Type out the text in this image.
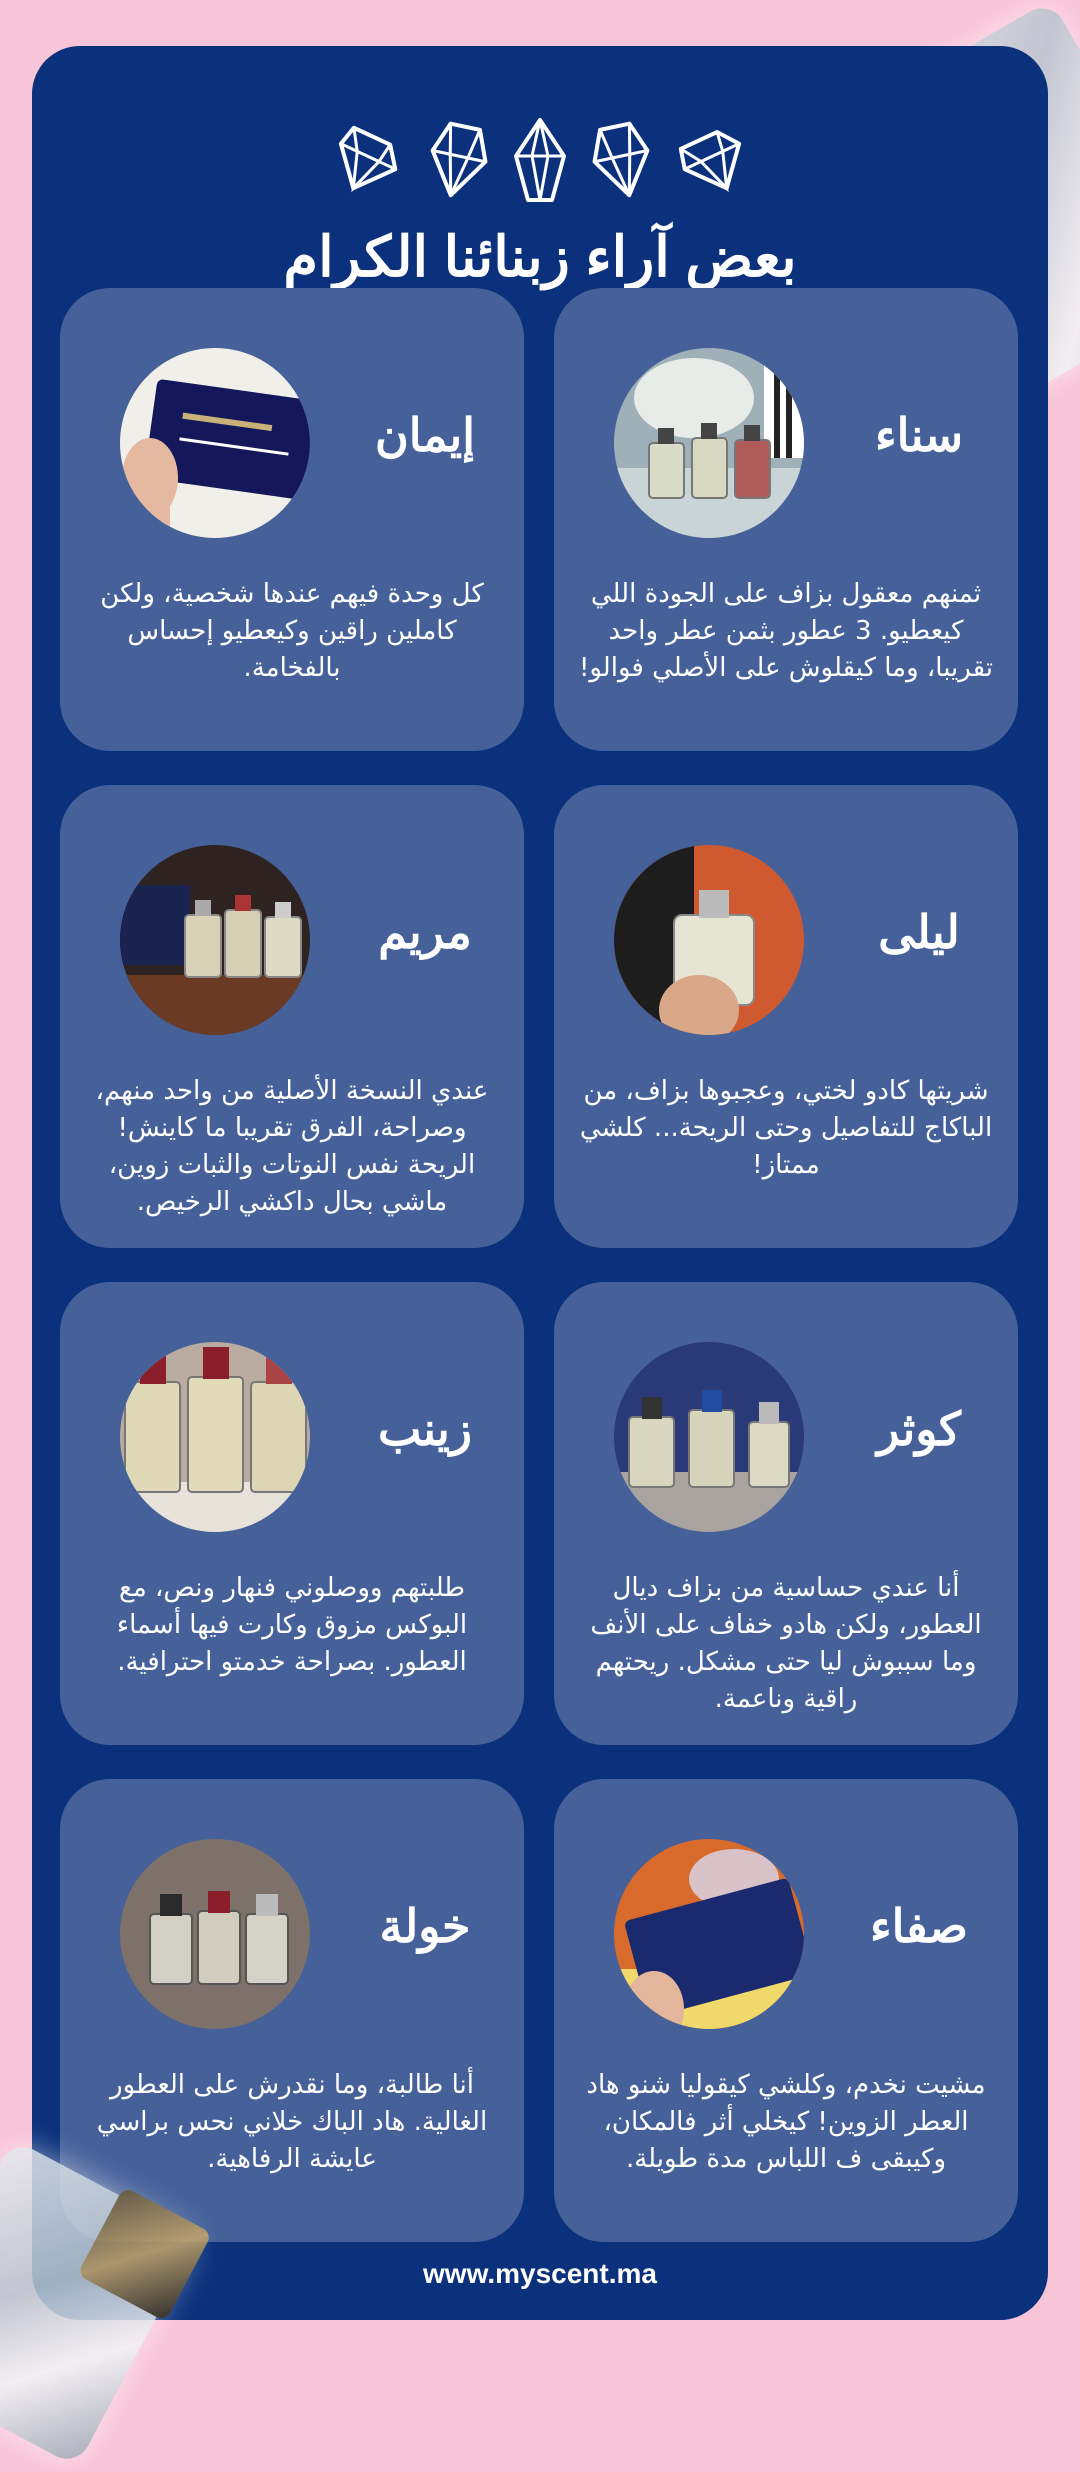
بعض آراء زبنائنا الكرام
سناء
ثمنهم معقول بزاف على الجودة اللي كيعطيو. 3 عطور بثمن عطر واحد تقريبا، وما كيقلوش على الأصلي فوالو!
إيمان
كل وحدة فيهم عندها شخصية، ولكن كاملين راقين وكيعطيو إحساس بالفخامة.
ليلى
شريتها كادو لختي، وعجبوها بزاف، من الباكاج للتفاصيل وحتى الريحة... كلشي ممتاز!
مريم
عندي النسخة الأصلية من واحد منهم، وصراحة، الفرق تقريبا ما كاينش! الريحة نفس النوتات والثبات زوين، ماشي بحال داكشي الرخيص.
كوثر
أنا عندي حساسية من بزاف ديال العطور، ولكن هادو خفاف على الأنف وما سببوش ليا حتى مشكل. ريحتهم راقية وناعمة.
زينب
طلبتهم ووصلوني فنهار ونص، مع البوكس مزوق وكارت فيها أسماء العطور. بصراحة خدمتو احترافية.
صفاء
مشيت نخدم، وكلشي كيقوليا شنو هاد العطر الزوين! كيخلي أثر فالمكان، وكيبقى ف اللباس مدة طويلة.
خولة
أنا طالبة، وما نقدرش على العطور الغالية. هاد الباك خلاني نحس براسي عايشة الرفاهية.
www.myscent.ma
